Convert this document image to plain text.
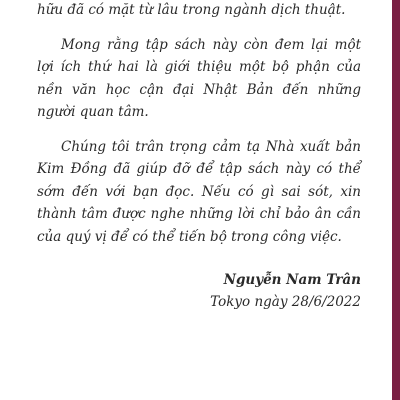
hữu đã có mặt từ lâu trong ngành dịch thuật.

Mong rằng tập sách này còn đem lại một lợi ích thứ hai là giới thiệu một bộ phận của nền văn học cận đại Nhật Bản đến những người quan tâm.

Chúng tôi trân trọng cảm tạ Nhà xuất bản Kim Đồng đã giúp đỡ để tập sách này có thể sớm đến với bạn đọc. Nếu có gì sai sót, xin thành tâm được nghe những lời chỉ bảo ân cần của quý vị để có thể tiến bộ trong công việc.

Nguyễn Nam Trân
Tokyo ngày 28/6/2022
